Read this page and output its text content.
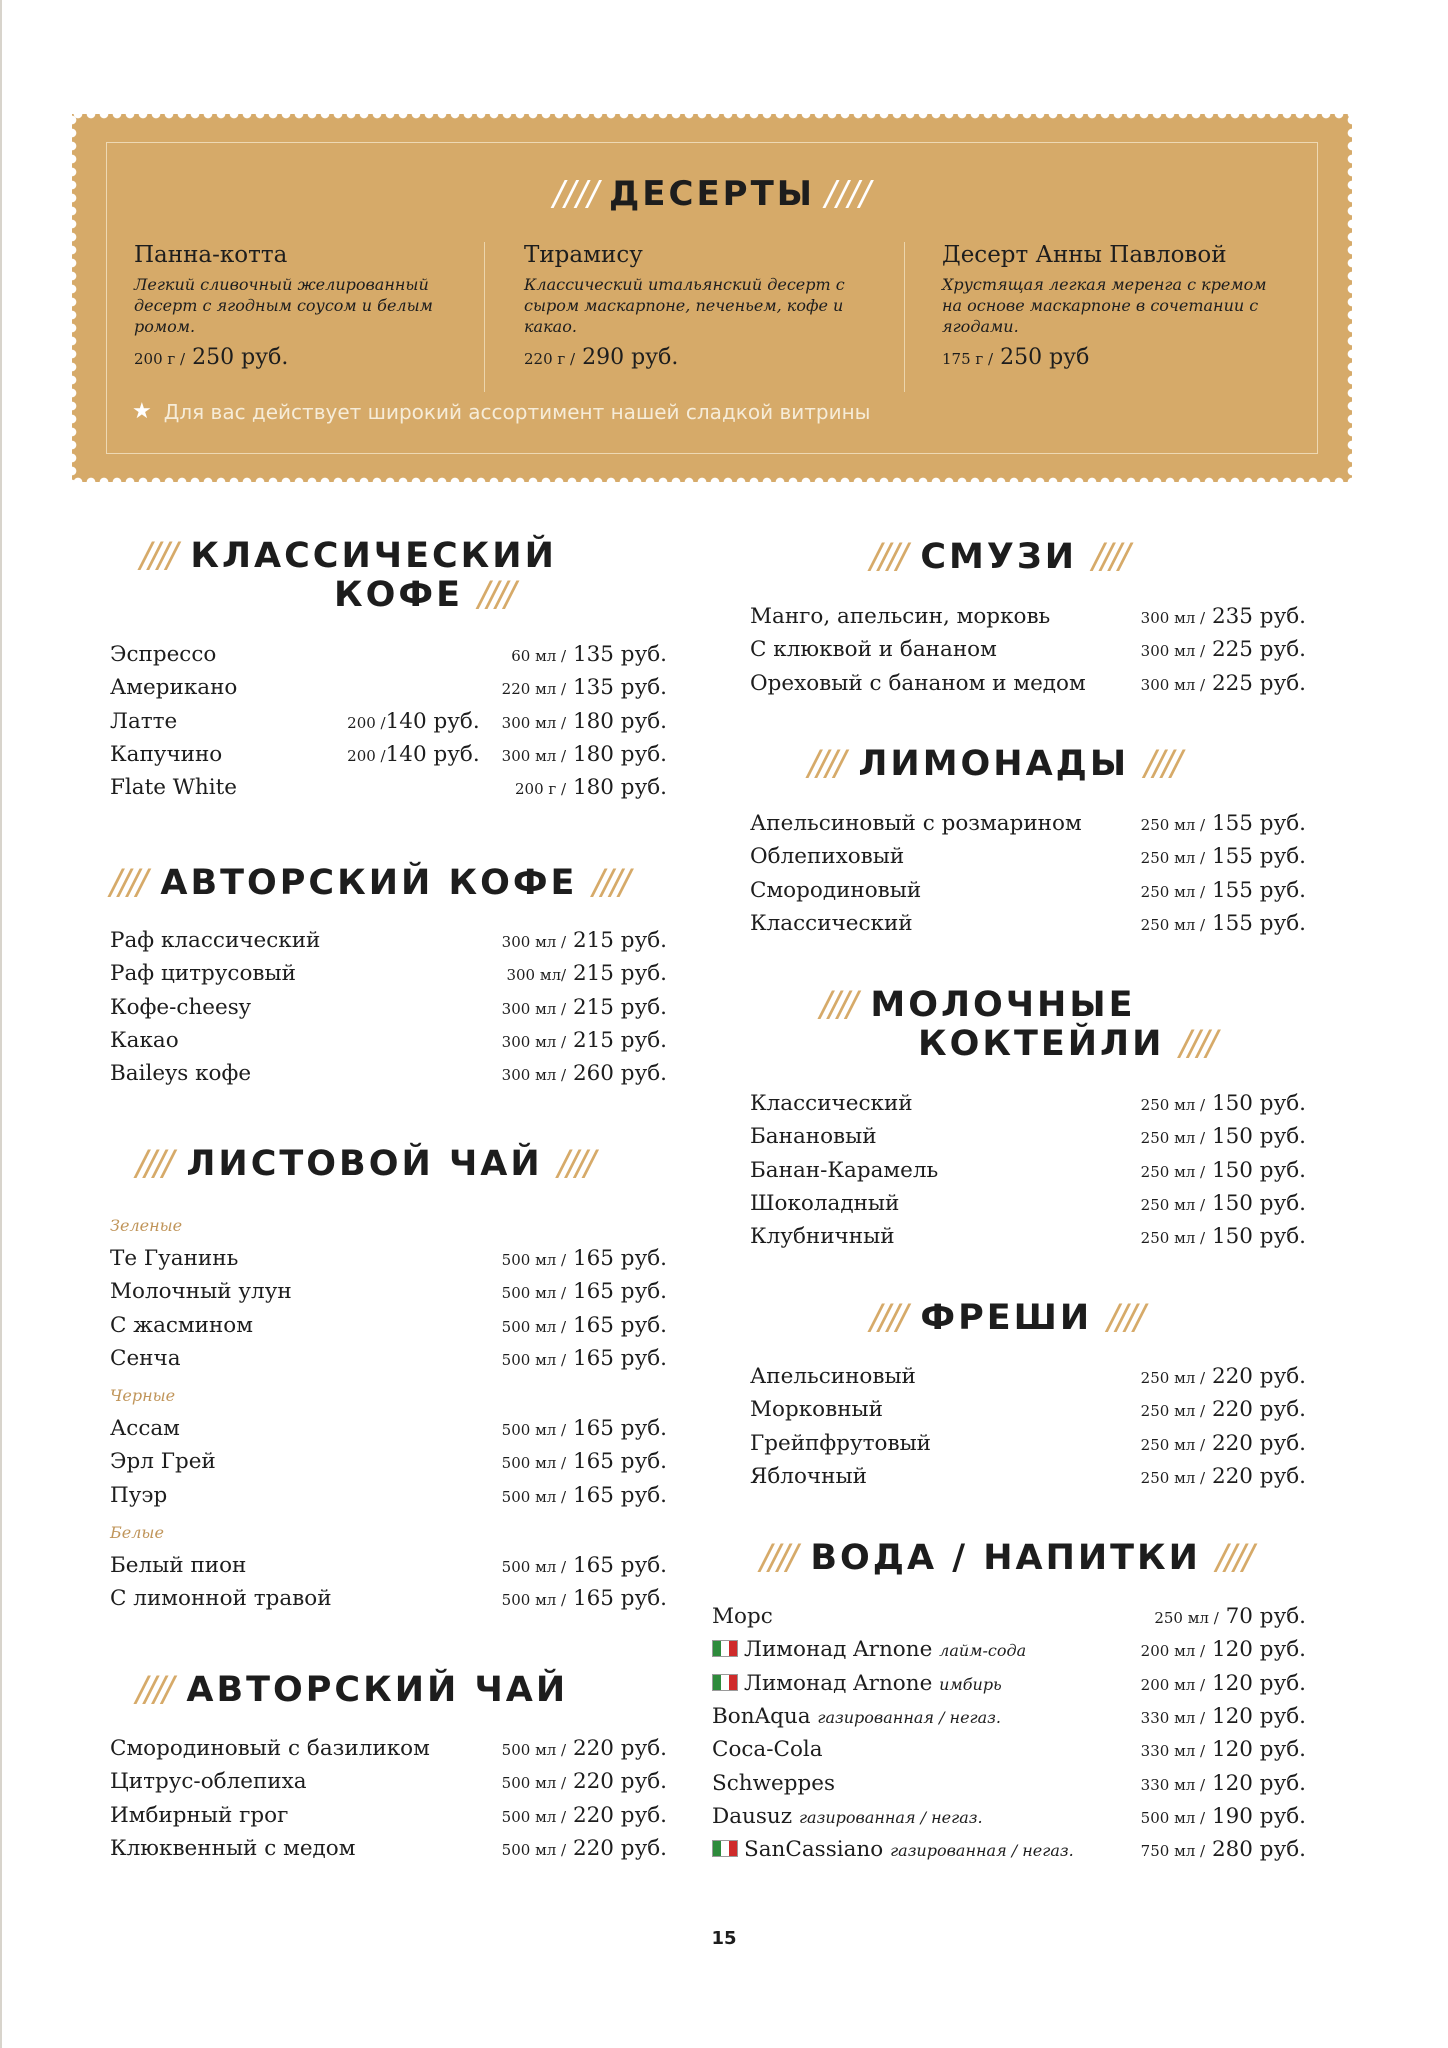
//// ДЕСЕРТЫ ////
Панна-котта
Легкий сливочный желированный десерт с ягодным соусом и белым ромом.
200 г / 250 руб.
Тирамису
Классический итальянский десерт с сыром маскарпоне, печеньем, кофе и какао.
220 г / 290 руб.
Десерт Анны Павловой
Хрустящая легкая меренга с кремом на основе маскарпоне в сочетании с ягодами.
175 г / 250 руб
★ Для вас действует широкий ассортимент нашей сладкой витрины
//// КЛАССИЧЕСКИЙ
КОФЕ ////
Эспрессо	60 мл / 135 руб.
Американо	220 мл / 135 руб.
Латте	200 /140 руб. 300 мл / 180 руб.
Капучино	200 /140 руб. 300 мл / 180 руб.
Flate White	200 г / 180 руб.
//// АВТОРСКИЙ КОФЕ ////
Раф классический	300 мл / 215 руб.
Раф цитрусовый	300 мл/ 215 руб.
Кофе-cheesy	300 мл / 215 руб.
Какао	300 мл / 215 руб.
Baileys кофе	300 мл / 260 руб.
//// ЛИСТОВОЙ ЧАЙ ////
Зеленые
Те Гуанинь	500 мл / 165 руб.
Молочный улун	500 мл / 165 руб.
С жасмином	500 мл / 165 руб.
Сенча	500 мл / 165 руб.
Черные
Ассам	500 мл / 165 руб.
Эрл Грей	500 мл / 165 руб.
Пуэр	500 мл / 165 руб.
Белые
Белый пион	500 мл / 165 руб.
С лимонной травой	500 мл / 165 руб.
//// АВТОРСКИЙ ЧАЙ
Смородиновый с базиликом	500 мл / 220 руб.
Цитрус-облепиха	500 мл / 220 руб.
Имбирный грог	500 мл / 220 руб.
Клюквенный с медом	500 мл / 220 руб.
//// СМУЗИ ////
Манго, апельсин, морковь	300 мл / 235 руб.
С клюквой и бананом	300 мл / 225 руб.
Ореховый с бананом и медом	300 мл / 225 руб.
//// ЛИМОНАДЫ ////
Апельсиновый с розмарином	250 мл / 155 руб.
Облепиховый	250 мл / 155 руб.
Смородиновый	250 мл / 155 руб.
Классический	250 мл / 155 руб.
//// МОЛОЧНЫЕ
КОКТЕЙЛИ ////
Классический	250 мл / 150 руб.
Банановый	250 мл / 150 руб.
Банан-Карамель	250 мл / 150 руб.
Шоколадный	250 мл / 150 руб.
Клубничный	250 мл / 150 руб.
//// ФРЕШИ ////
Апельсиновый	250 мл / 220 руб.
Морковный	250 мл / 220 руб.
Грейпфрутовый	250 мл / 220 руб.
Яблочный	250 мл / 220 руб.
//// ВОДА / НАПИТКИ ////
Морс	250 мл / 70 руб.
Лимонад Arnone лайм-сода	200 мл / 120 руб.
Лимонад Arnone имбирь	200 мл / 120 руб.
BonAqua газированная / негаз.	330 мл / 120 руб.
Coca-Cola	330 мл / 120 руб.
Schweppes	330 мл / 120 руб.
Dausuz газированная / негаз.	500 мл / 190 руб.
SanCassiano газированная / негаз.	750 мл / 280 руб.
15
